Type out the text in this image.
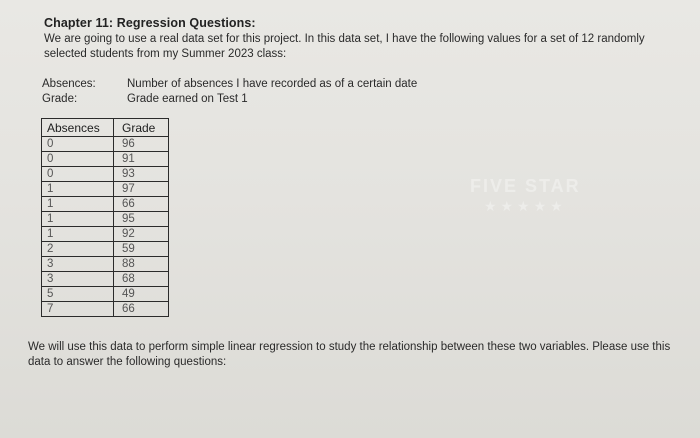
Chapter 11: Regression Questions:
We are going to use a real data set for this project. In this data set, I have the following values for a set of 12 randomly selected students from my Summer 2023 class:
Absences:	Number of absences I have recorded as of a certain date
Grade:	Grade earned on Test 1
FIVE STAR
★★★★★
Absences	Grade
0	96
0	91
0	93
1	97
1	66
1	95
1	92
2	59
3	88
3	68
5	49
7	66
We will use this data to perform simple linear regression to study the relationship between these two variables. Please use this data to answer the following questions:
